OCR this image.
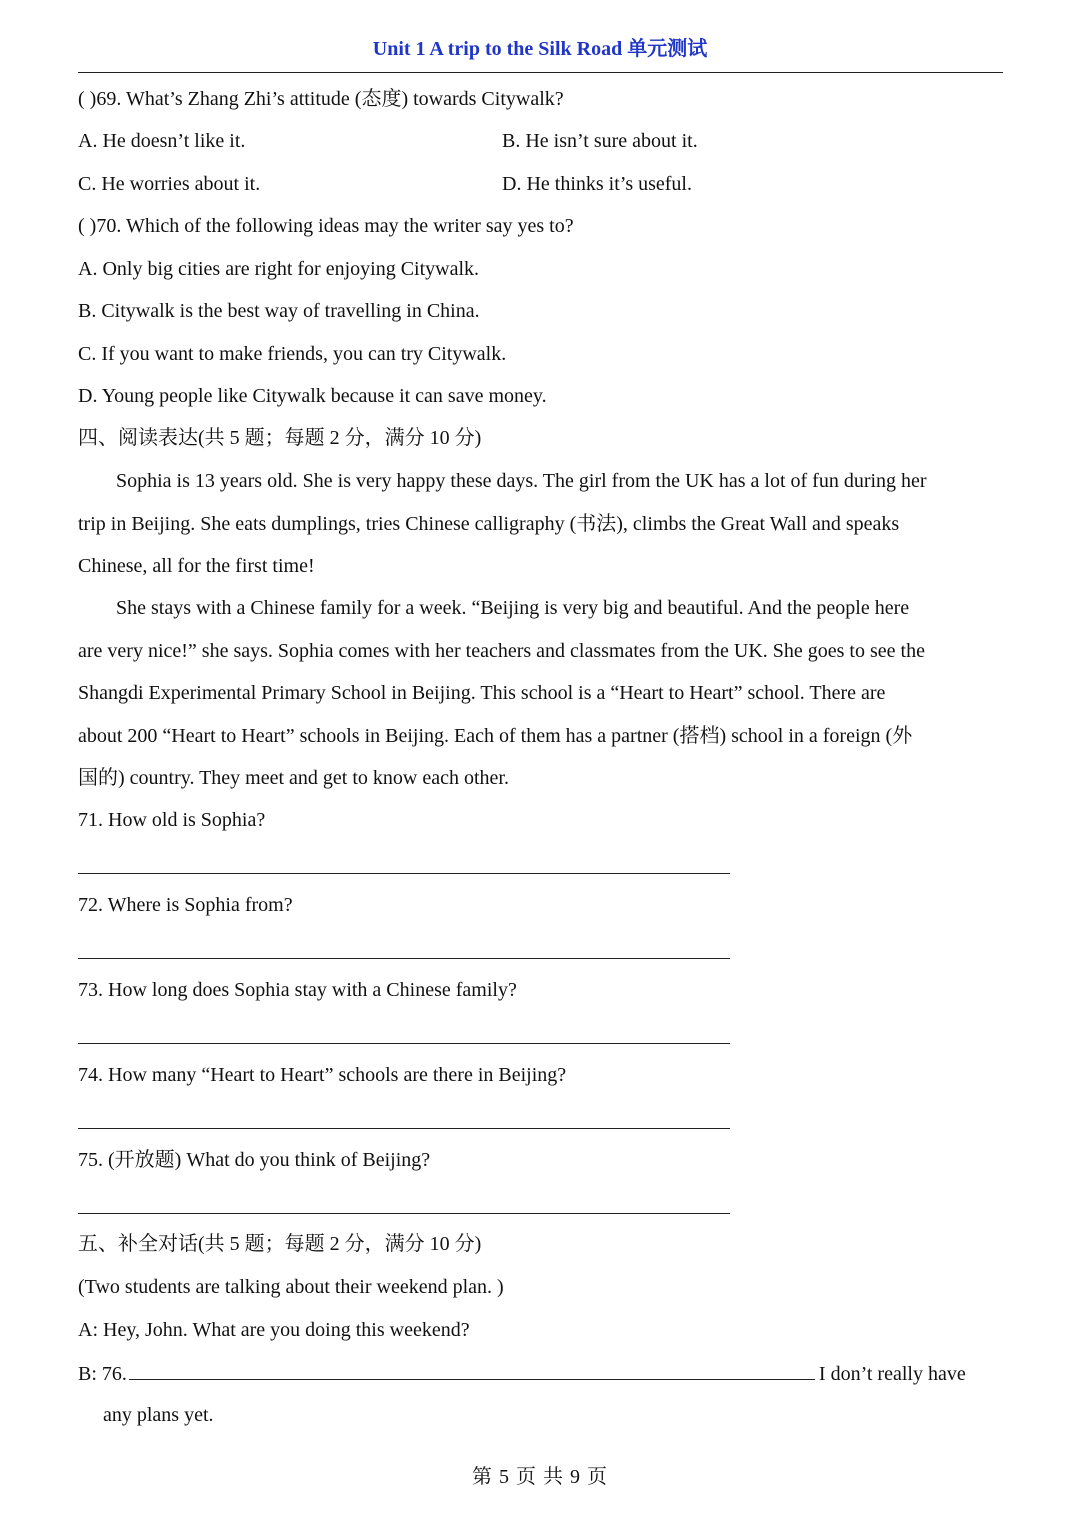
Unit 1 A trip to the Silk Road 单元测试
( )69. What’s Zhang Zhi’s attitude (态度) towards Citywalk?
A. He doesn’t like it.	B. He isn’t sure about it.
C. He worries about it.	D. He thinks it’s useful.
( )70. Which of the following ideas may the writer say yes to?
A. Only big cities are right for enjoying Citywalk.
B. Citywalk is the best way of travelling in China.
C. If you want to make friends, you can try Citywalk.
D. Young people like Citywalk because it can save money.
四、阅读表达(共 5 题；每题 2 分，满分 10 分)
Sophia is 13 years old. She is very happy these days. The girl from the UK has a lot of fun during her
trip in Beijing. She eats dumplings, tries Chinese calligraphy (书法), climbs the Great Wall and speaks
Chinese, all for the first time!
She stays with a Chinese family for a week. “Beijing is very big and beautiful. And the people here
are very nice!” she says. Sophia comes with her teachers and classmates from the UK. She goes to see the
Shangdi Experimental Primary School in Beijing. This school is a “Heart to Heart” school. There are
about 200 “Heart to Heart” schools in Beijing. Each of them has a partner (搭档) school in a foreign (外
国的) country. They meet and get to know each other.
71. How old is Sophia?
72. Where is Sophia from?
73. How long does Sophia stay with a Chinese family?
74. How many “Heart to Heart” schools are there in Beijing?
75. (开放题) What do you think of Beijing?
五、补全对话(共 5 题；每题 2 分，满分 10 分)
(Two students are talking about their weekend plan. )
A: Hey, John. What are you doing this weekend?
B: 76.	I don’t really have
any plans yet.
第 5 页 共 9 页
